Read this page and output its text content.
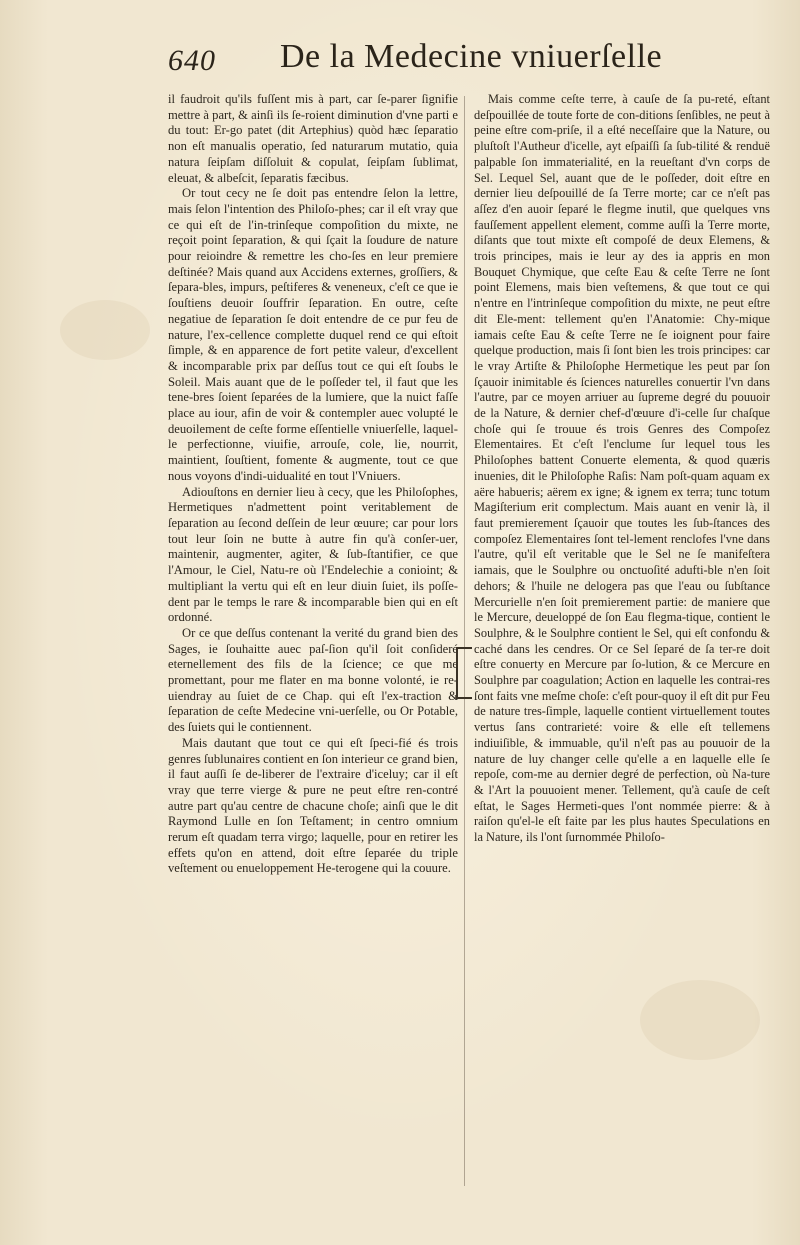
640 De la Medecine vniuerſelle

il faudroit qu'ils fuſſent mis à part, car ſe-parer ſignifie mettre à part, & ainſi ils ſe-roient diminution d'vne parti e du tout: Er-go patet (dit Artephius) quòd hæc ſeparatio non eſt manualis operatio, ſed naturarum mutatio, quia natura ſeipſam diſſoluit & copulat, ſeipſam ſublimat, eleuat, & albeſcit, ſeparatis fæcibus.

Or tout cecy ne ſe doit pas entendre ſelon la lettre, mais ſelon l'intention des Philoſo-phes; car il eſt vray que ce qui eſt de l'in-trinſeque compoſition du mixte, ne reçoit point ſeparation, & qui ſçait la ſoudure de nature pour reioindre & remettre les cho-ſes en leur premiere deſtinée? Mais quand aux Accidens externes, groſſiers, & ſepara-bles, impurs, peſtiferes & veneneux, c'eſt ce que ie ſouſtiens deuoir ſouffrir ſeparation. En outre, ceſte negatiue de ſeparation ſe doit entendre de ce pur feu de nature, l'ex-cellence complette duquel rend ce qui eſtoit ſimple, & en apparence de fort petite valeur, d'excellent & incomparable prix par deſſus tout ce qui eſt ſoubs le Soleil. Mais auant que de le poſſeder tel, il faut que les tene-bres ſoient ſeparées de la lumiere, que la nuict faſſe place au iour, afin de voir & contempler auec volupté le deuoilement de ceſte forme eſſentielle vniuerſelle, laquel-le perfectionne, viuifie, arrouſe, cole, lie, nourrit, maintient, ſouſtient, fomente & augmente, tout ce que nous voyons d'indi-uidualité en tout l'Vniuers.

Adiouſtons en dernier lieu à cecy, que les Philoſophes, Hermetiques n'admettent point veritablement de ſeparation au ſecond deſſein de leur œuure; car pour lors tout leur ſoin ne butte à autre fin qu'à conſer-uer, maintenir, augmenter, agiter, & ſub-ſtantifier, ce que l'Amour, le Ciel, Natu-re où l'Endelechie a conioint; & multipliant la vertu qui eſt en leur diuin ſuiet, ils poſſe-dent par le temps le rare & incomparable bien qui en eſt ordonné.

Or ce que deſſus contenant la verité du grand bien des Sages, ie ſouhaitte auec paſ-ſion qu'il ſoit conſideré eternellement des fils de la ſcience; ce que me promettant, pour me flater en ma bonne volonté, ie re-uiendray au ſuiet de ce Chap. qui eſt l'ex-traction & ſeparation de ceſte Medecine vni-uerſelle, ou Or Potable, des ſuiets qui le contiennent.

Mais dautant que tout ce qui eſt ſpeci-fié és trois genres ſublunaires contient en ſon interieur ce grand bien, il faut auſſi ſe de-liberer de l'extraire d'iceluy; car il eſt vray que terre vierge & pure ne peut eſtre ren-contré autre part qu'au centre de chacune choſe; ainſi que le dit Raymond Lulle en ſon Teſtament; in centro omnium rerum eſt quadam terra virgo; laquelle, pour en retirer les effets qu'on en attend, doit eſtre ſeparée du triple veſtement ou enueloppement He-terogene qui la couure.

Mais comme ceſte terre, à cauſe de ſa pu-reté, eſtant deſpouillée de toute forte de con-ditions ſenſibles, ne peut à peine eſtre com-priſe, il a eſté neceſſaire que la Nature, ou pluſtoſt l'Autheur d'icelle, ayt eſpaiſſi ſa ſub-tilité & renduë palpable ſon immaterialité, en la reueſtant d'vn corps de Sel. Lequel Sel, auant que de le poſſeder, doit eſtre en dernier lieu deſpouillé de ſa Terre morte; car ce n'eſt pas aſſez d'en auoir ſeparé le flegme inutil, que quelques vns fauſſement appellent element, comme auſſi la Terre morte, diſants que tout mixte eſt compoſé de deux Elemens, & trois principes, mais ie leur ay des ia appris en mon Bouquet Chymique, que ceſte Eau & ceſte Terre ne ſont point Elemens, mais bien veſtemens, & que tout ce qui n'entre en l'intrinſeque compoſition du mixte, ne peut eſtre dit Ele-ment: tellement qu'en l'Anatomie: Chy-mique iamais ceſte Eau & ceſte Terre ne ſe ioignent pour faire quelque production, mais ſi ſont bien les trois principes: car le vray Artiſte & Philoſophe Hermetique les peut par ſon ſçauoir inimitable és ſciences naturelles conuertir l'vn dans l'autre, par ce moyen arriuer au ſupreme degré du pouuoir de la Nature, & dernier chef-d'œuure d'i-celle ſur chaſque choſe qui ſe trouue és trois Genres des Compoſez Elementaires. Et c'eſt l'enclume ſur lequel tous les Philoſophes battent Conuerte elementa, & quod quæris inuenies, dit le Philoſophe Raſis: Nam poſt-quam aquam ex aëre habueris; aërem ex igne; & ignem ex terra; tunc totum Magiſterium erit complectum. Mais auant en venir là, il faut premierement ſçauoir que toutes les ſub-ſtances des compoſez Elementaires ſont tel-lement renclofes l'vne dans l'autre, qu'il eſt veritable que le Sel ne ſe manifeſtera iamais, que le Soulphre ou onctuoſité adufti-ble n'en ſoit dehors; & l'huile ne delogera pas que l'eau ou ſubſtance Mercurielle n'en ſoit premierement partie: de maniere que le Mercure, deueloppé de ſon Eau flegma-tique, contient le Soulphre, & le Soulphre contient le Sel, qui eſt confondu & caché dans les cendres. Or ce Sel ſeparé de ſa ter-re doit eſtre conuerty en Mercure par ſo-lution, & ce Mercure en Soulphre par coagulation; Action en laquelle les contrai-res ſont faits vne meſme choſe: c'eſt pour-quoy il eſt dit pur Feu de nature tres-ſimple, laquelle contient virtuellement toutes vertus ſans contrarieté: voire & elle eſt tellemens indiuiſible, & immuable, qu'il n'eſt pas au pouuoir de la nature de luy changer celle qu'elle a en laquelle elle ſe repoſe, com-me au dernier degré de perfection, où Na-ture & l'Art la pouuoient mener. Tellement, qu'à cauſe de ceſt eſtat, le Sages Hermeti-ques l'ont nommée pierre: & à raiſon qu'el-le eſt faite par les plus hautes Speculations en la Nature, ils l'ont ſurnommée Philoſo-
